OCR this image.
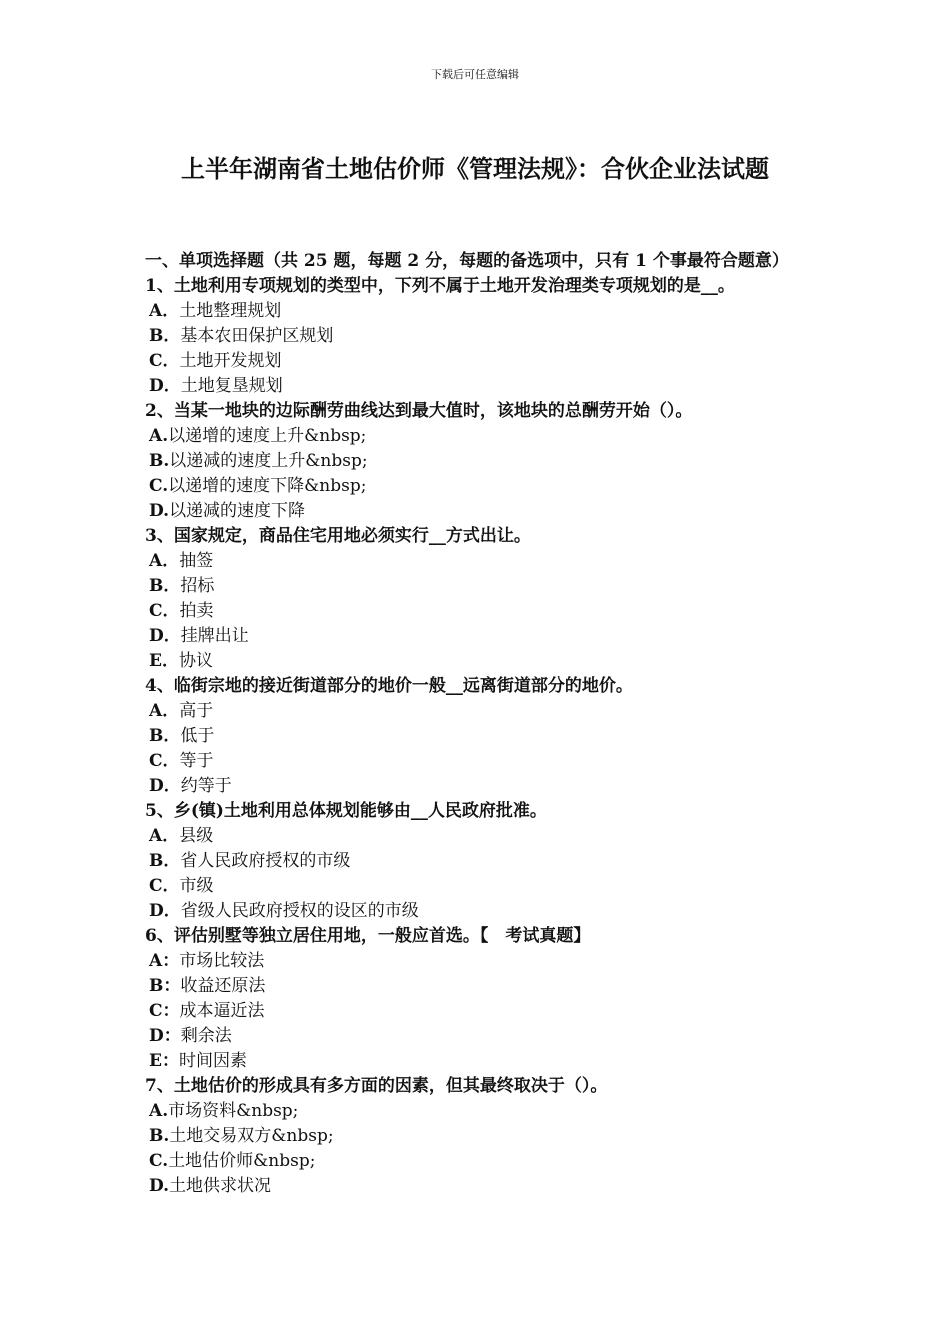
下载后可任意编辑
上半年湖南省土地估价师《管理法规》：合伙企业法试题

一、单项选择题（共 25 题，每题 2 分，每题的备选项中，只有 1 个事最符合题意）

1、土地利用专项规划的类型中，下列不属于土地开发治理类专项规划的是__。

A．土地整理规划

B．基本农田保护区规划

C．土地开发规划

D．土地复垦规划

2、当某一地块的边际酬劳曲线达到最大值时，该地块的总酬劳开始（）。

A.以递增的速度上升&nbsp;

B.以递减的速度上升&nbsp;

C.以递增的速度下降&nbsp;

D.以递减的速度下降

3、国家规定，商品住宅用地必须实行__方式出让。

A．抽签

B．招标

C．拍卖

D．挂牌出让

E．协议

4、临街宗地的接近街道部分的地价一般__远离街道部分的地价。

A．高于

B．低于

C．等于

D．约等于

5、乡(镇)土地利用总体规划能够由__人民政府批准。

A．县级

B．省人民政府授权的市级

C．市级

D．省级人民政府授权的设区的市级

6、评估别墅等独立居住用地，一般应首选。【　考试真题】

A：市场比较法

B：收益还原法

C：成本逼近法

D：剩余法

E：时间因素

7、土地估价的形成具有多方面的因素，但其最终取决于（）。

A.市场资料&nbsp;

B.土地交易双方&nbsp;

C.土地估价师&nbsp;

D.土地供求状况
